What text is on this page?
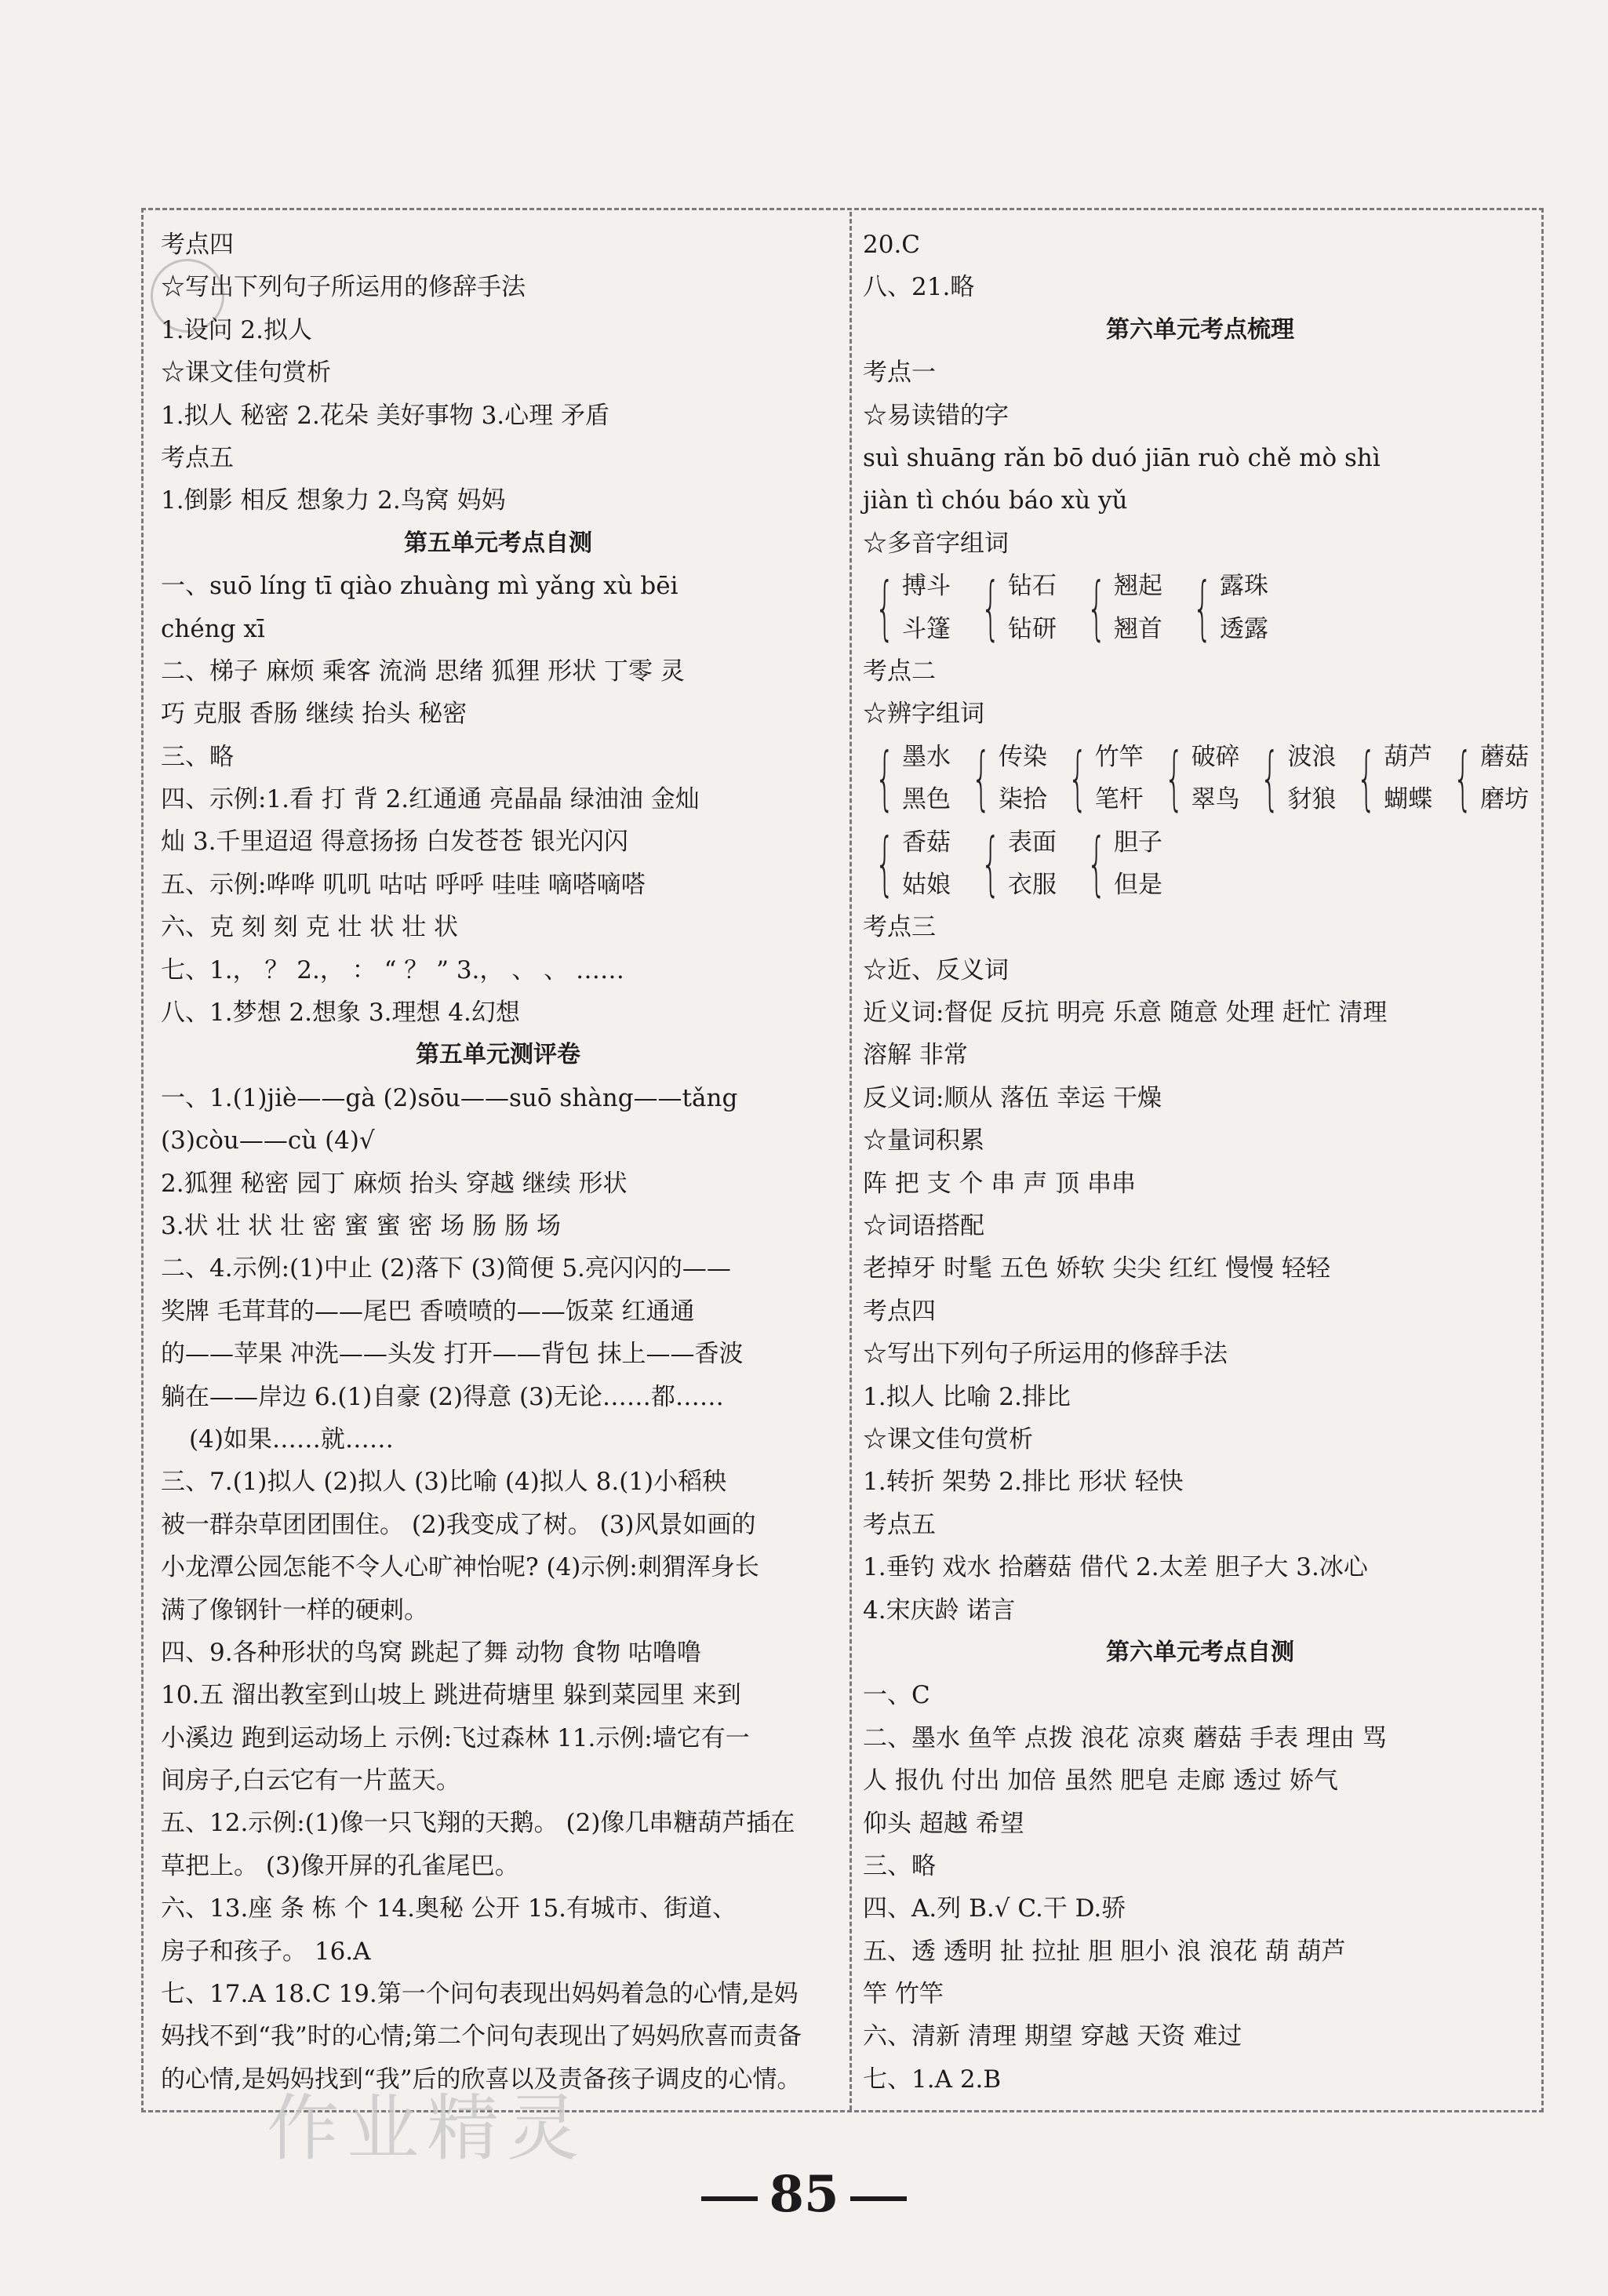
考点四
☆写出下列句子所运用的修辞手法
1.设问 2.拟人
☆课文佳句赏析
1.拟人 秘密 2.花朵 美好事物 3.心理 矛盾
考点五
1.倒影 相反 想象力 2.鸟窝 妈妈
第五单元考点自测
一、suō líng tī qiào zhuàng mì yǎng xù bēi
chéng xī
二、梯子 麻烦 乘客 流淌 思绪 狐狸 形状 丁零 灵
巧 克服 香肠 继续 抬头 秘密
三、略
四、示例:1.看 打 背 2.红通通 亮晶晶 绿油油 金灿
灿 3.千里迢迢 得意扬扬 白发苍苍 银光闪闪
五、示例:哗哗 叽叽 咕咕 呼呼 哇哇 嘀嗒嘀嗒
六、克 刻 刻 克 壮 状 壮 状
七、1.， ？ 2.， ： “ ？ ” 3.， 、 、 ……
八、1.梦想 2.想象 3.理想 4.幻想
第五单元测评卷
一、1.(1)jiè——gà (2)sōu——suō shàng——tǎng
(3)còu——cù (4)√
2.狐狸 秘密 园丁 麻烦 抬头 穿越 继续 形状
3.状 壮 状 壮 密 蜜 蜜 密 场 肠 肠 场
二、4.示例:(1)中止 (2)落下 (3)简便 5.亮闪闪的——
奖牌 毛茸茸的——尾巴 香喷喷的——饭菜 红通通
的——苹果 冲洗——头发 打开——背包 抹上——香波
躺在——岸边 6.(1)自豪 (2)得意 (3)无论……都……
(4)如果……就……
三、7.(1)拟人 (2)拟人 (3)比喻 (4)拟人 8.(1)小稻秧
被一群杂草团团围住。 (2)我变成了树。 (3)风景如画的
小龙潭公园怎能不令人心旷神怡呢? (4)示例:刺猬浑身长
满了像钢针一样的硬刺。
四、9.各种形状的鸟窝 跳起了舞 动物 食物 咕噜噜
10.五 溜出教室到山坡上 跳进荷塘里 躲到菜园里 来到
小溪边 跑到运动场上 示例:飞过森林 11.示例:墙它有一
间房子,白云它有一片蓝天。
五、12.示例:(1)像一只飞翔的天鹅。 (2)像几串糖葫芦插在
草把上。 (3)像开屏的孔雀尾巴。
六、13.座 条 栋 个 14.奥秘 公开 15.有城市、街道、
房子和孩子。 16.A
七、17.A 18.C 19.第一个问句表现出妈妈着急的心情,是妈
妈找不到“我”时的心情;第二个问句表现出了妈妈欣喜而责备
的心情,是妈妈找到“我”后的欣喜以及责备孩子调皮的心情。
20.C
八、21.略
第六单元考点梳理
考点一
☆易读错的字
suì shuāng rǎn bō duó jiān ruò chě mò shì
jiàn tì chóu báo xù yǔ
☆多音字组词
{ 搏斗
斗篷 { 钻石
钻研 { 翘起
翘首 { 露珠
透露
考点二
☆辨字组词
{ 墨水
黑色 { 传染
柒拾 { 竹竿
笔杆 { 破碎
翠鸟 { 波浪
豺狼 { 葫芦
蝴蝶 { 蘑菇
磨坊
{ 香菇
姑娘 { 表面
衣服 { 胆子
但是
考点三
☆近、反义词
近义词:督促 反抗 明亮 乐意 随意 处理 赶忙 清理
溶解 非常
反义词:顺从 落伍 幸运 干燥
☆量词积累
阵 把 支 个 串 声 顶 串串
☆词语搭配
老掉牙 时髦 五色 娇软 尖尖 红红 慢慢 轻轻
考点四
☆写出下列句子所运用的修辞手法
1.拟人 比喻 2.排比
☆课文佳句赏析
1.转折 架势 2.排比 形状 轻快
考点五
1.垂钓 戏水 拾蘑菇 借代 2.太差 胆子大 3.冰心
4.宋庆龄 诺言
第六单元考点自测
一、C
二、墨水 鱼竿 点拨 浪花 凉爽 蘑菇 手表 理由 骂
人 报仇 付出 加倍 虽然 肥皂 走廊 透过 娇气
仰头 超越 希望
三、略
四、A.列 B.√ C.干 D.骄
五、透 透明 扯 拉扯 胆 胆小 浪 浪花 葫 葫芦
竿 竹竿
六、清新 清理 期望 穿越 天资 难过
七、1.A 2.B
作业精灵
85
